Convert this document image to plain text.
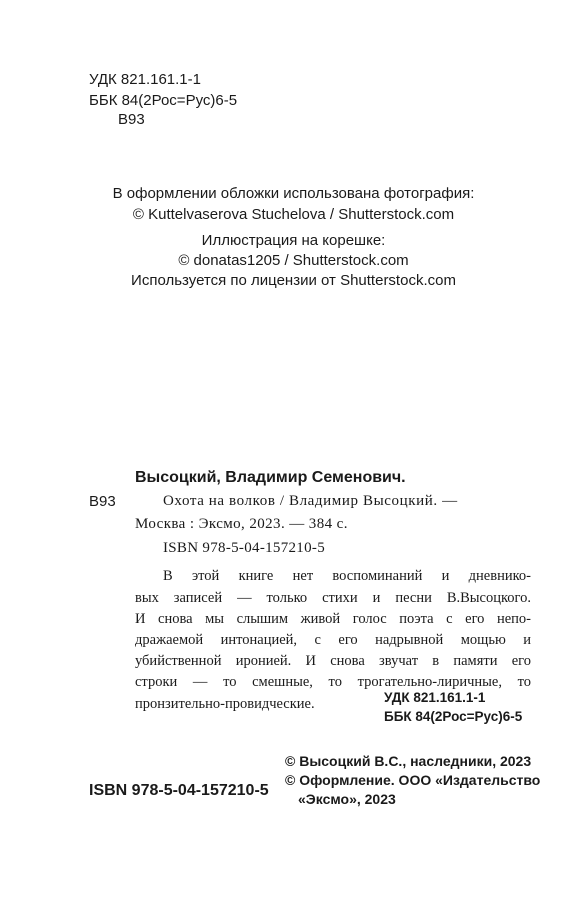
УДК 821.161.1-1
ББК 84(2Рос=Рус)6-5
В93
В оформлении обложки использована фотография:
© Kuttelvaserova Stuchelova / Shutterstock.com
Иллюстрация на корешке:
© donatas1205 / Shutterstock.com
Используется по лицензии от Shutterstock.com
Высоцкий, Владимир Семенович.
В93	Охота на волков / Владимир Высоцкий. —
Москва : Эксмо, 2023. — 384 с.
ISBN 978-5-04-157210-5
В этой книге нет воспоминаний и дневнико-
вых записей — только стихи и песни В.Высоцкого.
И снова мы слышим живой голос поэта с его непо-
дражаемой интонацией, с его надрывной мощью и
убийственной иронией. И снова звучат в памяти его
строки — то смешные, то трогательно-лиричные, то
пронзительно-провидческие.	УДК 821.161.1-1
ББК 84(2Рос=Рус)6-5
ISBN 978-5-04-157210-5
© Высоцкий В.С., наследники, 2023
© Оформление. ООО «Издательство
«Эксмо», 2023
